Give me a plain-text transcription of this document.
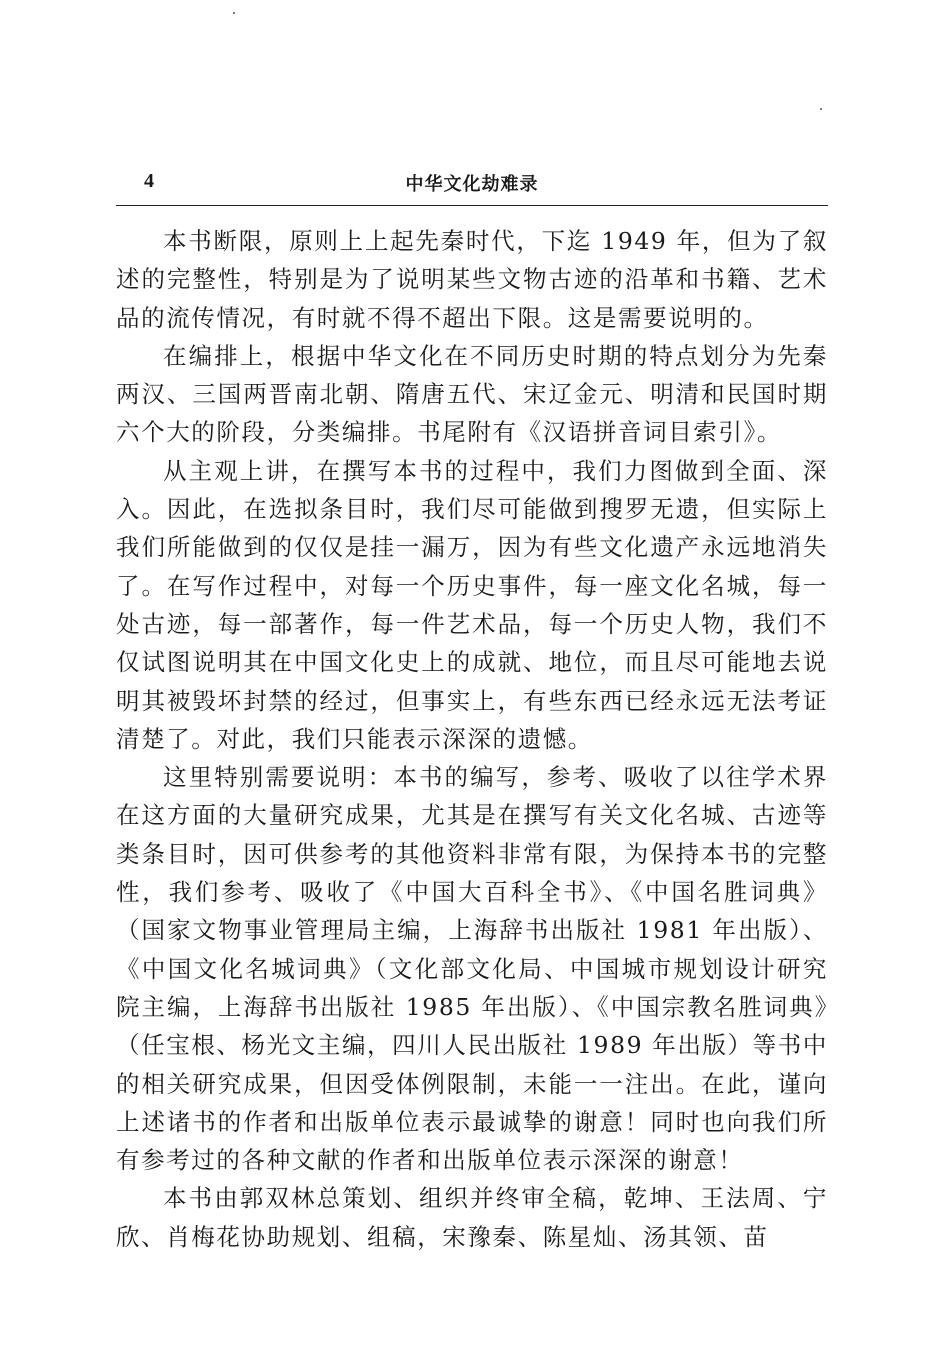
4	中华文化劫难录

本书断限，原则上上起先秦时代，下迄 1949 年，但为了叙述的完整性，特别是为了说明某些文物古迹的沿革和书籍、艺术品的流传情况，有时就不得不超出下限。这是需要说明的。

在编排上，根据中华文化在不同历史时期的特点划分为先秦两汉、三国两晋南北朝、隋唐五代、宋辽金元、明清和民国时期六个大的阶段，分类编排。书尾附有《汉语拼音词目索引》。

从主观上讲，在撰写本书的过程中，我们力图做到全面、深入。因此，在选拟条目时，我们尽可能做到搜罗无遗，但实际上我们所能做到的仅仅是挂一漏万，因为有些文化遗产永远地消失了。在写作过程中，对每一个历史事件，每一座文化名城，每一处古迹，每一部著作，每一件艺术品，每一个历史人物，我们不仅试图说明其在中国文化史上的成就、地位，而且尽可能地去说明其被毁坏封禁的经过，但事实上，有些东西已经永远无法考证清楚了。对此，我们只能表示深深的遗憾。

这里特别需要说明：本书的编写，参考、吸收了以往学术界在这方面的大量研究成果，尤其是在撰写有关文化名城、古迹等类条目时，因可供参考的其他资料非常有限，为保持本书的完整性，我们参考、吸收了《中国大百科全书》、《中国名胜词典》（国家文物事业管理局主编，上海辞书出版社 1981 年出版）、《中国文化名城词典》（文化部文化局、中国城市规划设计研究院主编，上海辞书出版社 1985 年出版）、《中国宗教名胜词典》（任宝根、杨光文主编，四川人民出版社 1989 年出版）等书中的相关研究成果，但因受体例限制，未能一一注出。在此，谨向上述诸书的作者和出版单位表示最诚挚的谢意！同时也向我们所有参考过的各种文献的作者和出版单位表示深深的谢意！

本书由郭双林总策划、组织并终审全稿，乾坤、王法周、宁欣、肖梅花协助规划、组稿，宋豫秦、陈星灿、汤其领、苗
